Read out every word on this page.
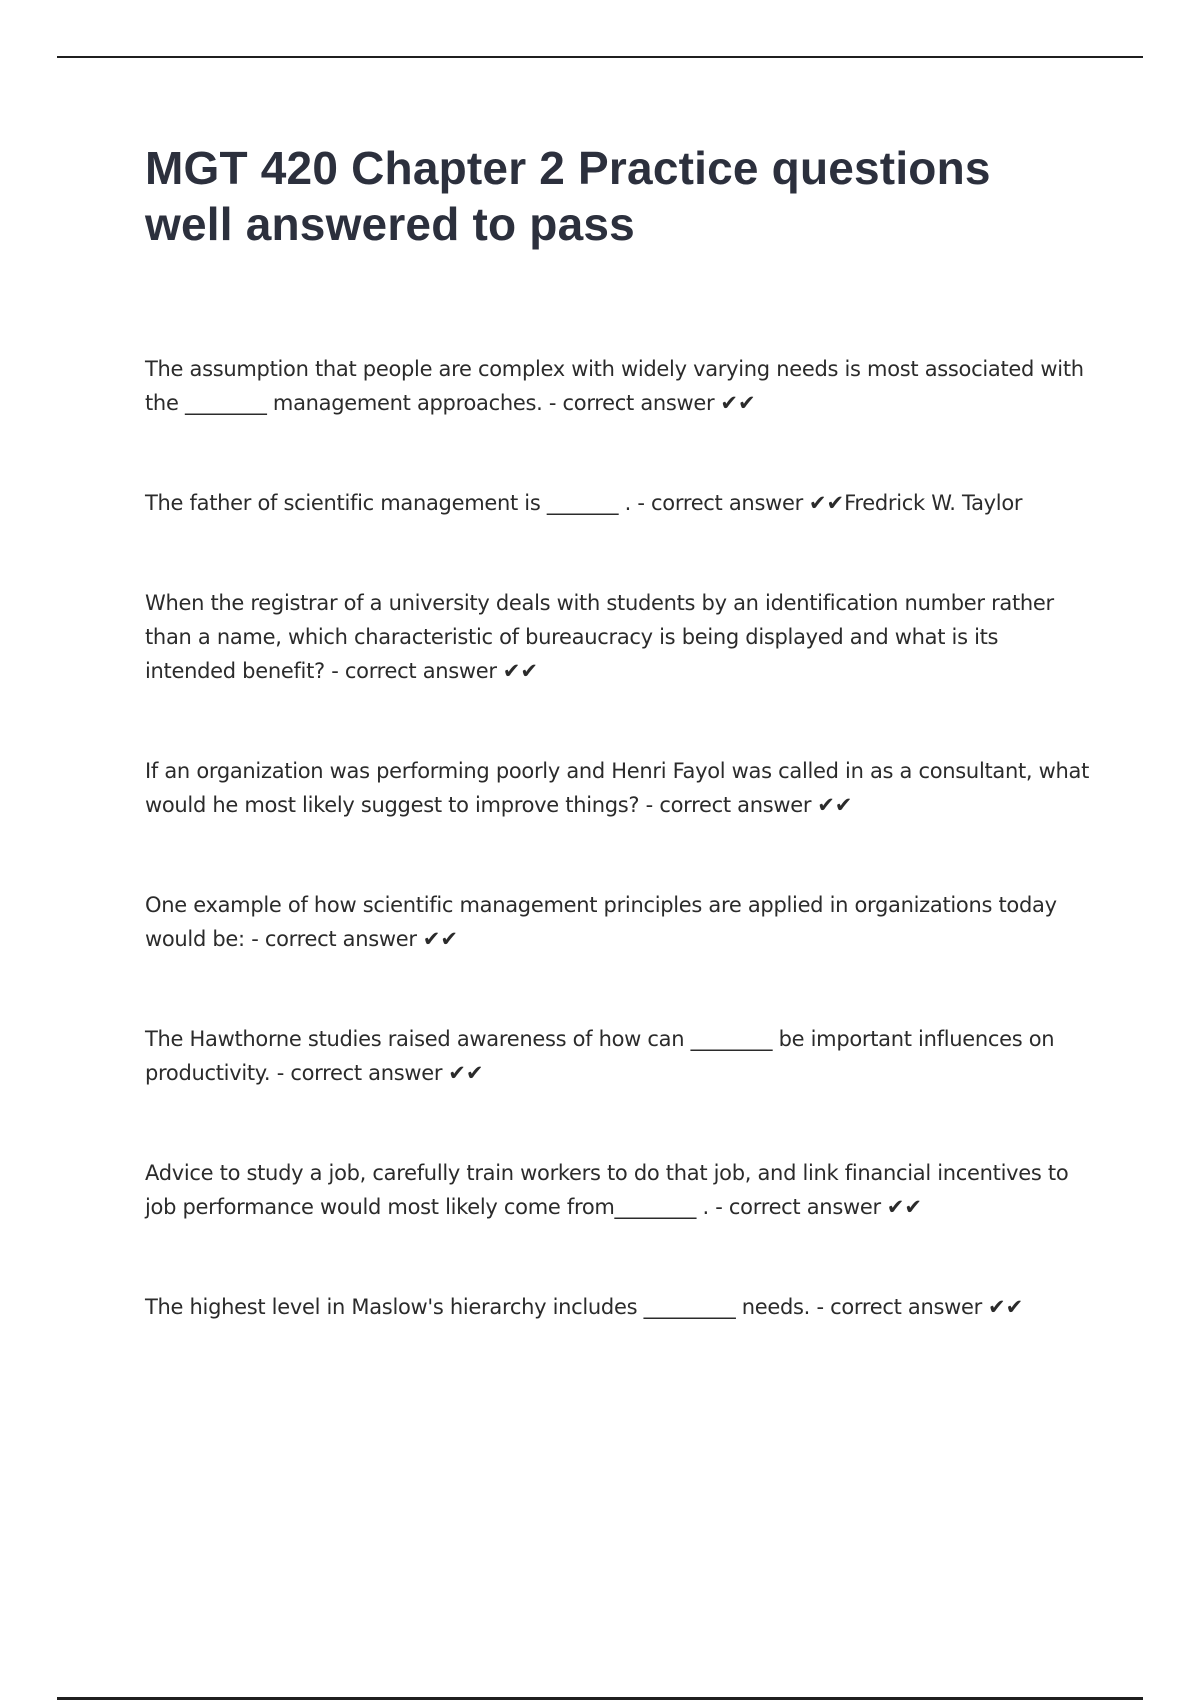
MGT 420 Chapter 2 Practice questions well answered to pass

The assumption that people are complex with widely varying needs is most associated with the ________ management approaches. - correct answer ✔✔

The father of scientific management is _______ . - correct answer ✔✔Fredrick W. Taylor

When the registrar of a university deals with students by an identification number rather than a name, which characteristic of bureaucracy is being displayed and what is its intended benefit? - correct answer ✔✔

If an organization was performing poorly and Henri Fayol was called in as a consultant, what would he most likely suggest to improve things? - correct answer ✔✔

One example of how scientific management principles are applied in organizations today would be: - correct answer ✔✔

The Hawthorne studies raised awareness of how can ________ be important influences on productivity. - correct answer ✔✔

Advice to study a job, carefully train workers to do that job, and link financial incentives to job performance would most likely come from________ . - correct answer ✔✔

The highest level in Maslow's hierarchy includes _________ needs. - correct answer ✔✔
